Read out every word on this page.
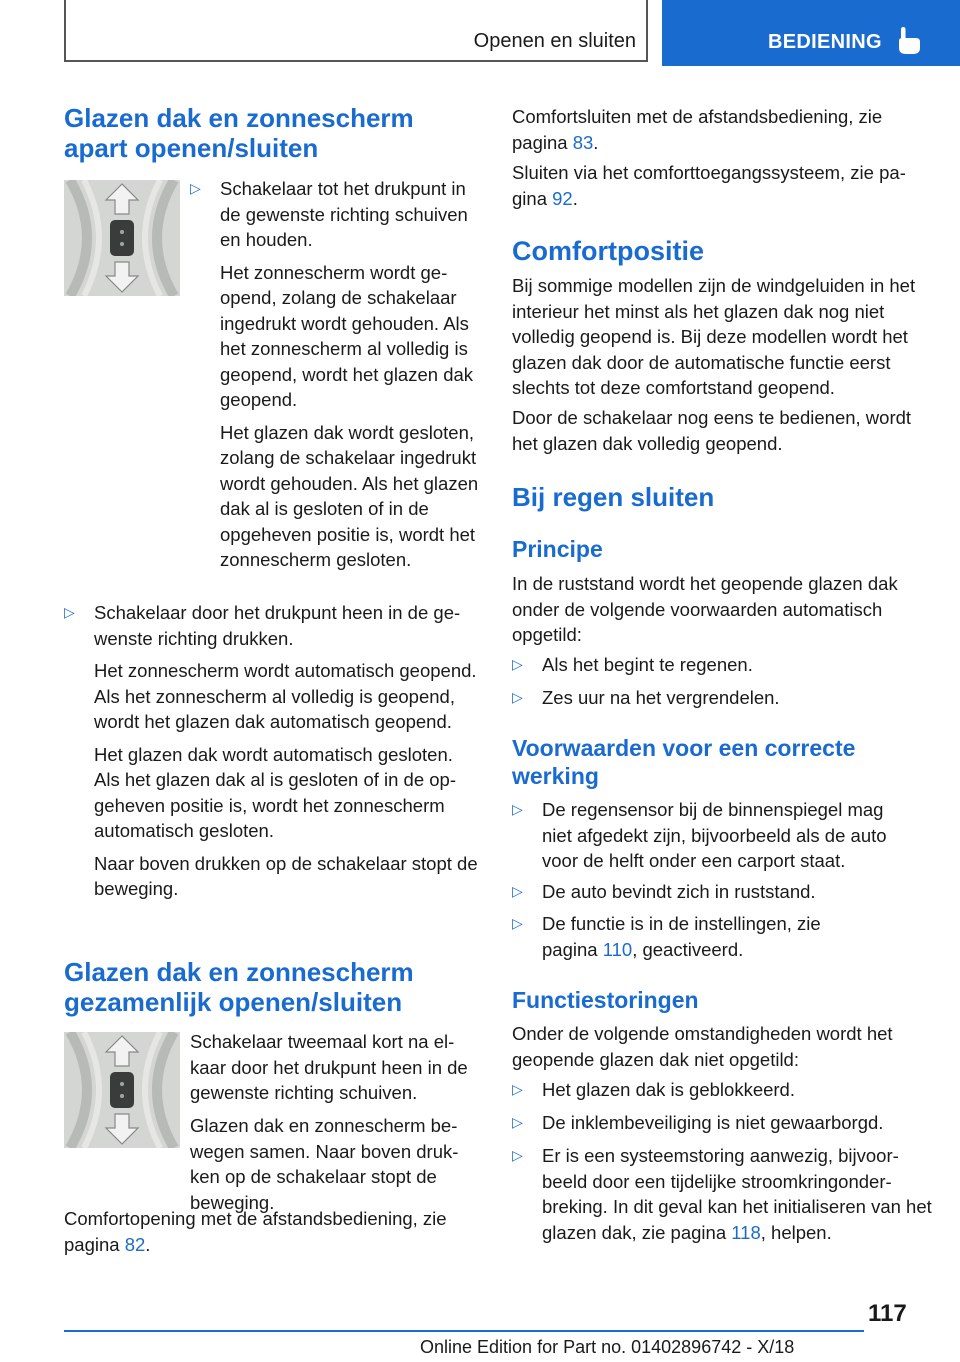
Openen en sluiten	BEDIENING
Glazen dak en zonnescherm apart openen/sluiten
▷ Schakelaar tot het drukpunt in de gewenste richting schuiven en houden.

Het zonnescherm wordt geopend, zolang de schakelaar ingedrukt wordt gehouden. Als het zonnescherm al volledig is geopend, wordt het glazen dak geopend.

Het glazen dak wordt gesloten, zolang de schakelaar ingedrukt wordt gehouden. Als het glazen dak al is gesloten of in de opgeheven positie is, wordt het zonnescherm gesloten.

▷ Schakelaar door het drukpunt heen in de gewenste richting drukken.

Het zonnescherm wordt automatisch geopend. Als het zonnescherm al volledig is geopend, wordt het glazen dak automatisch geopend.

Het glazen dak wordt automatisch gesloten. Als het glazen dak al is gesloten of in de opgeheven positie is, wordt het zonnescherm automatisch gesloten.

Naar boven drukken op de schakelaar stopt de beweging.

Glazen dak en zonnescherm gezamenlijk openen/sluiten

Schakelaar tweemaal kort na elkaar door het drukpunt heen in de gewenste richting schuiven.

Glazen dak en zonnescherm bewegen samen. Naar boven drukken op de schakelaar stopt de beweging.

Comfortopening met de afstandsbediening, zie pagina 82.

Comfortsluiten met de afstandsbediening, zie pagina 83.

Sluiten via het comforttoegangssysteem, zie pagina 92.

Comfortpositie

Bij sommige modellen zijn de windgeluiden in het interieur het minst als het glazen dak nog niet volledig geopend is. Bij deze modellen wordt het glazen dak door de automatische functie eerst slechts tot deze comfortstand geopend.

Door de schakelaar nog eens te bedienen, wordt het glazen dak volledig geopend.

Bij regen sluiten
Principe

In de ruststand wordt het geopende glazen dak onder de volgende voorwaarden automatisch opgetild:

▷ Als het begint te regenen.

▷ Zes uur na het vergrendelen.

Voorwaarden voor een correcte werking
▷ De regensensor bij de binnenspiegel mag niet afgedekt zijn, bijvoorbeeld als de auto voor de helft onder een carport staat.

▷ De auto bevindt zich in ruststand.

▷ De functie is in de instellingen, zie pagina 110, geactiveerd.

Functiestoringen

Onder de volgende omstandigheden wordt het geopende glazen dak niet opgetild:

▷ Het glazen dak is geblokkeerd.

▷ De inklembeveiliging is niet gewaarborgd.

▷ Er is een systeemstoring aanwezig, bijvoorbeeld door een tijdelijke stroomkringonderbreking. In dit geval kan het initialiseren van het glazen dak, zie pagina 118, helpen.

117
Online Edition for Part no. 01402896742 - X/18
